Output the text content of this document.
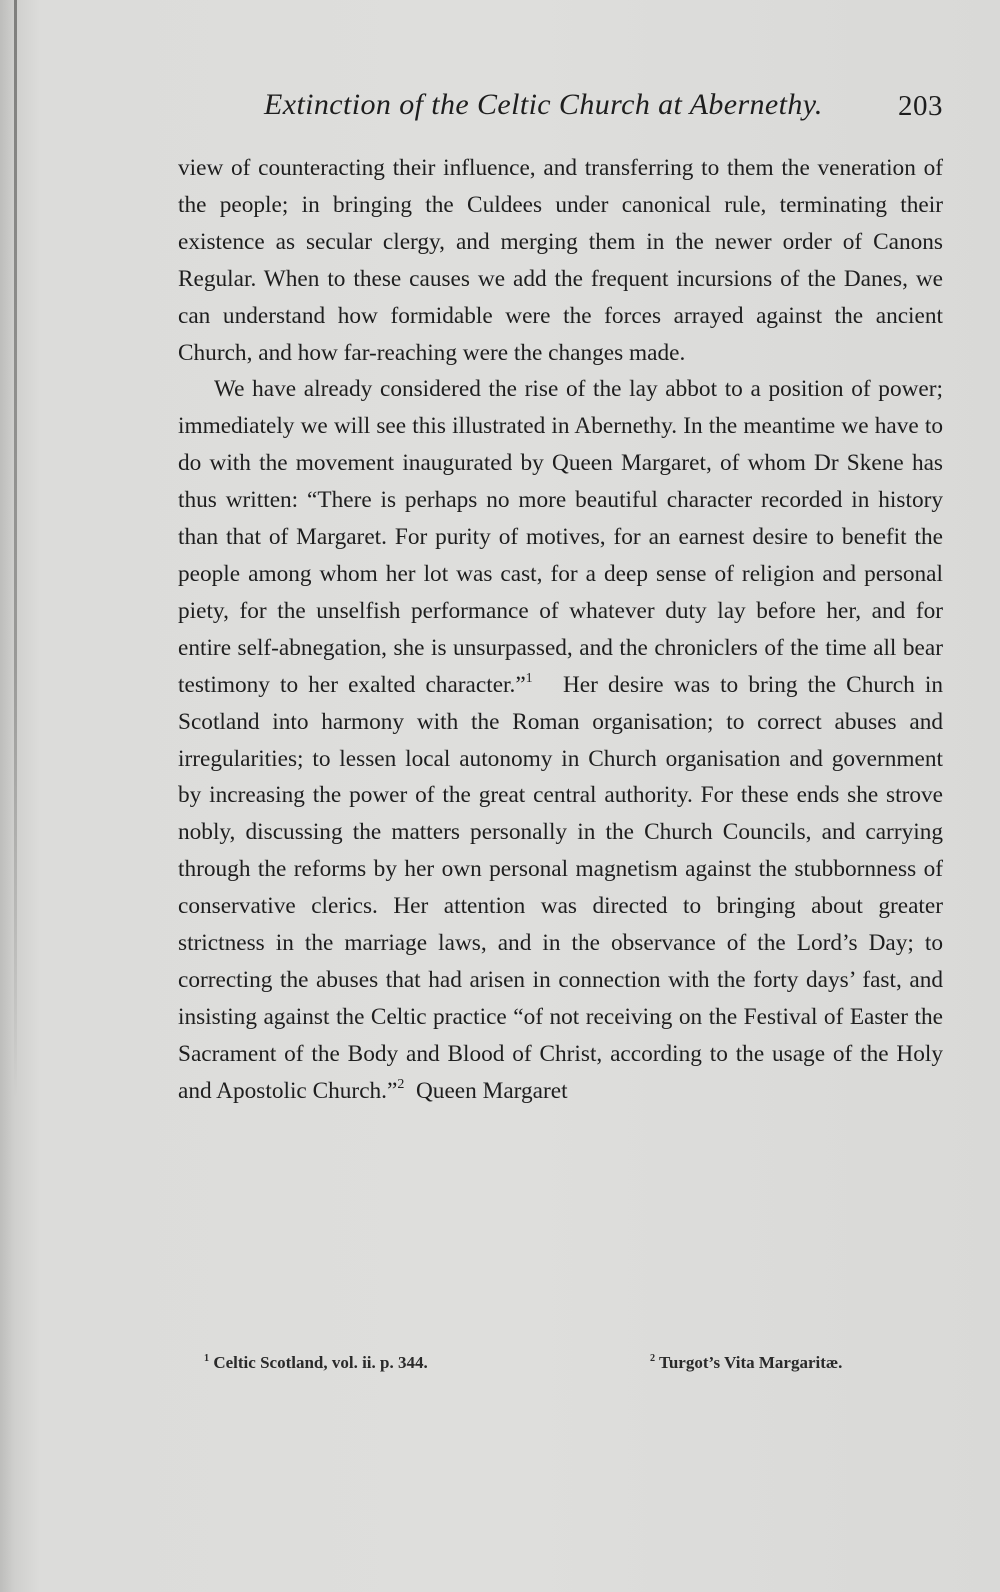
Extinction of the Celtic Church at Abernethy.	203

view of counteracting their influence, and transferring to them the veneration of the people; in bringing the Culdees under canonical rule, terminating their existence as secular clergy, and merging them in the newer order of Canons Regular. When to these causes we add the frequent incursions of the Danes, we can understand how formidable were the forces arrayed against the ancient Church, and how far-reaching were the changes made.

We have already considered the rise of the lay abbot to a position of power; immediately we will see this illustrated in Abernethy. In the meantime we have to do with the movement inaugurated by Queen Margaret, of whom Dr Skene has thus written: “There is perhaps no more beautiful character recorded in history than that of Margaret. For purity of motives, for an earnest desire to benefit the people among whom her lot was cast, for a deep sense of religion and personal piety, for the unselfish performance of whatever duty lay before her, and for entire self-abnegation, she is unsurpassed, and the chroniclers of the time all bear testimony to her exalted character.”$^1$ Her desire was to bring the Church in Scotland into harmony with the Roman organisation; to correct abuses and irregularities; to lessen local autonomy in Church organisation and government by increasing the power of the great central authority. For these ends she strove nobly, discussing the matters personally in the Church Councils, and carrying through the reforms by her own personal magnetism against the stubbornness of conservative clerics. Her attention was directed to bringing about greater strictness in the marriage laws, and in the observance of the Lord’s Day; to correcting the abuses that had arisen in connection with the forty days’ fast, and insisting against the Celtic practice “of not receiving on the Festival of Easter the Sacrament of the Body and Blood of Christ, according to the usage of the Holy and Apostolic Church.”$^2$ Queen Margaret

$^1$ Celtic Scotland, vol. ii. p. 344.	$^2$ Turgot’s Vita Margaritæ.
